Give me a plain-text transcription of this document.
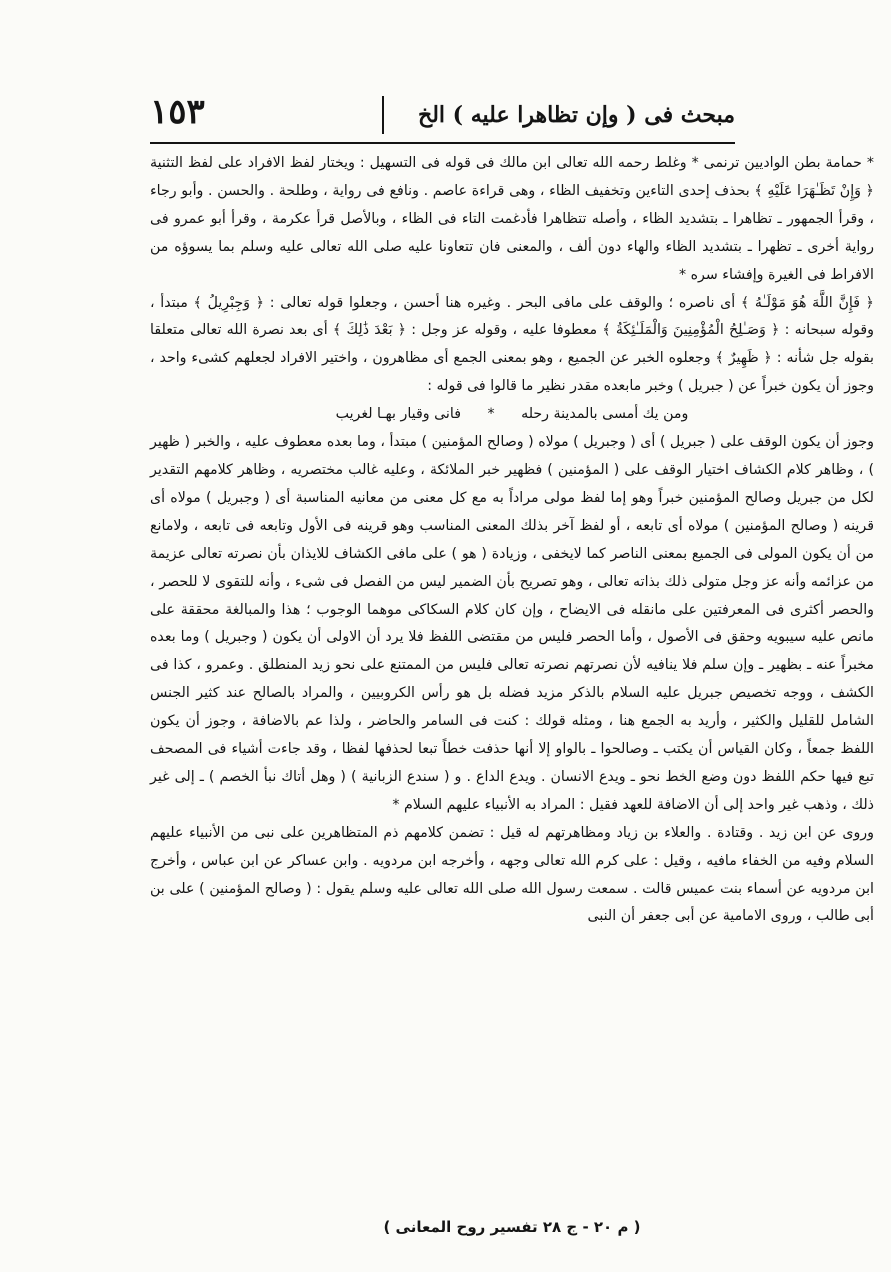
مبحث فى ( وإن تظاهرا عليه ) الخ
١٥٣

* حمامة بطن الواديين ترنمى * وغلط رحمه الله تعالى ابن مالك فى قوله فى التسهيل : ويختار لفظ الافراد على لفظ التثنية ﴿ وَإِنْ تَظَـٰهَرَا عَلَيْهِ ﴾ بحذف إحدى التاءين وتخفيف الظاء ، وهى قراءة عاصم . ونافع فى رواية ، وطلحة . والحسن . وأبو رجاء ، وقرأ الجمهور ـ تظاهرا ـ بتشديد الظاء ، وأصله تتظاهرا فأدغمت التاء فى الظاء ، وبالأصل قرأ عكرمة ، وقرأ أبو عمرو فى رواية أخرى ـ تظهرا ـ بتشديد الظاء والهاء دون ألف ، والمعنى فان تتعاونا عليه صلى الله تعالى عليه وسلم بما يسوؤه من الافراط فى الغيرة وإفشاء سره *

﴿ فَإِنَّ اللَّهَ هُوَ مَوْلَـٰهُ ﴾ أى ناصره ؛ والوقف على مافى البحر . وغيره هنا أحسن ، وجعلوا قوله تعالى : ﴿ وَجِبْرِيلُ ﴾ مبتدأ ، وقوله سبحانه : ﴿ وَصَـٰلِحُ الْمُؤْمِنِينَ وَالْمَلَـٰئِكَةُ ﴾ معطوفا عليه ، وقوله عز وجل : ﴿ بَعْدَ ذَٰلِكَ ﴾ أى بعد نصرة الله تعالى متعلقا بقوله جل شأنه : ﴿ ظَهِيرٌ ﴾ وجعلوه الخبر عن الجميع ، وهو بمعنى الجمع أى مظاهرون ، واختير الافراد لجعلهم كشىء واحد ، وجوز أن يكون خبراً عن ( جبريل ) وخبر مابعده مقدر نظير ما قالوا فى قوله :

ومن يك أمسى بالمدينة رحله * فانى وقيار بهـا لغريب

وجوز أن يكون الوقف على ( جبريل ) أى ( وجبريل ) مولاه ( وصالح المؤمنين ) مبتدأ ، وما بعده معطوف عليه ، والخبر ( ظهير ) ، وظاهر كلام الكشاف اختيار الوقف على ( المؤمنين ) فظهير خبر الملائكة ، وعليه غالب مختصريه ، وظاهر كلامهم التقدير لكل من جبريل وصالح المؤمنين خبراً وهو إما لفظ مولى مراداً به مع كل معنى من معانيه المناسبة أى ( وجبريل ) مولاه أى قرينه ( وصالح المؤمنين ) مولاه أى تابعه ، أو لفظ آخر بذلك المعنى المناسب وهو قرينه فى الأول وتابعه فى تابعه ، ولامانع من أن يكون المولى فى الجميع بمعنى الناصر كما لايخفى ، وزيادة ( هو ) على مافى الكشاف للايذان بأن نصرته تعالى عزيمة من عزائمه وأنه عز وجل متولى ذلك بذاته تعالى ، وهو تصريح بأن الضمير ليس من الفصل فى شىء ، وأنه للتقوى لا للحصر ، والحصر أكثرى فى المعرفتين على مانقله فى الايضاح ، وإن كان كلام السكاكى موهما الوجوب ؛ هذا والمبالغة محققة على مانص عليه سيبويه وحقق فى الأصول ، وأما الحصر فليس من مقتضى اللفظ فلا يرد أن الاولى أن يكون ( وجبريل ) وما بعده مخبراً عنه ـ بظهير ـ وإن سلم فلا ينافيه لأن نصرتهم نصرته تعالى فليس من الممتنع على نحو زيد المنطلق . وعمرو ، كذا فى الكشف ، ووجه تخصيص جبريل عليه السلام بالذكر مزيد فضله بل هو رأس الكروبيين ، والمراد بالصالح عند كثير الجنس الشامل للقليل والكثير ، وأريد به الجمع هنا ، ومثله قولك : كنت فى السامر والحاضر ، ولذا عم بالاضافة ، وجوز أن يكون اللفظ جمعاً ، وكان القياس أن يكتب ـ وصالحوا ـ بالواو إلا أنها حذفت خطاً تبعا لحذفها لفظا ، وقد جاءت أشياء فى المصحف تبع فيها حكم اللفظ دون وضع الخط نحو ـ ويدع الانسان . ويدع الداع . و ( سندع الزبانية ) ( وهل أتاك نبأ الخصم ) ـ إلى غير ذلك ، وذهب غير واحد إلى أن الاضافة للعهد فقيل : المراد به الأنبياء عليهم السلام *

وروى عن ابن زيد . وقتادة . والعلاء بن زياد ومظاهرتهم له قيل : تضمن كلامهم ذم المتظاهرين على نبى من الأنبياء عليهم السلام وفيه من الخفاء مافيه ، وقيل : على كرم الله تعالى وجهه ، وأخرجه ابن مردويه . وابن عساكر عن ابن عباس ، وأخرج ابن مردويه عن أسماء بنت عميس قالت . سمعت رسول الله صلى الله تعالى عليه وسلم يقول : ( وصالح المؤمنين ) على بن أبى طالب ، وروى الامامية عن أبى جعفر أن النبى

( م ٢٠ - ج ٢٨ تفسير روح المعانى )
